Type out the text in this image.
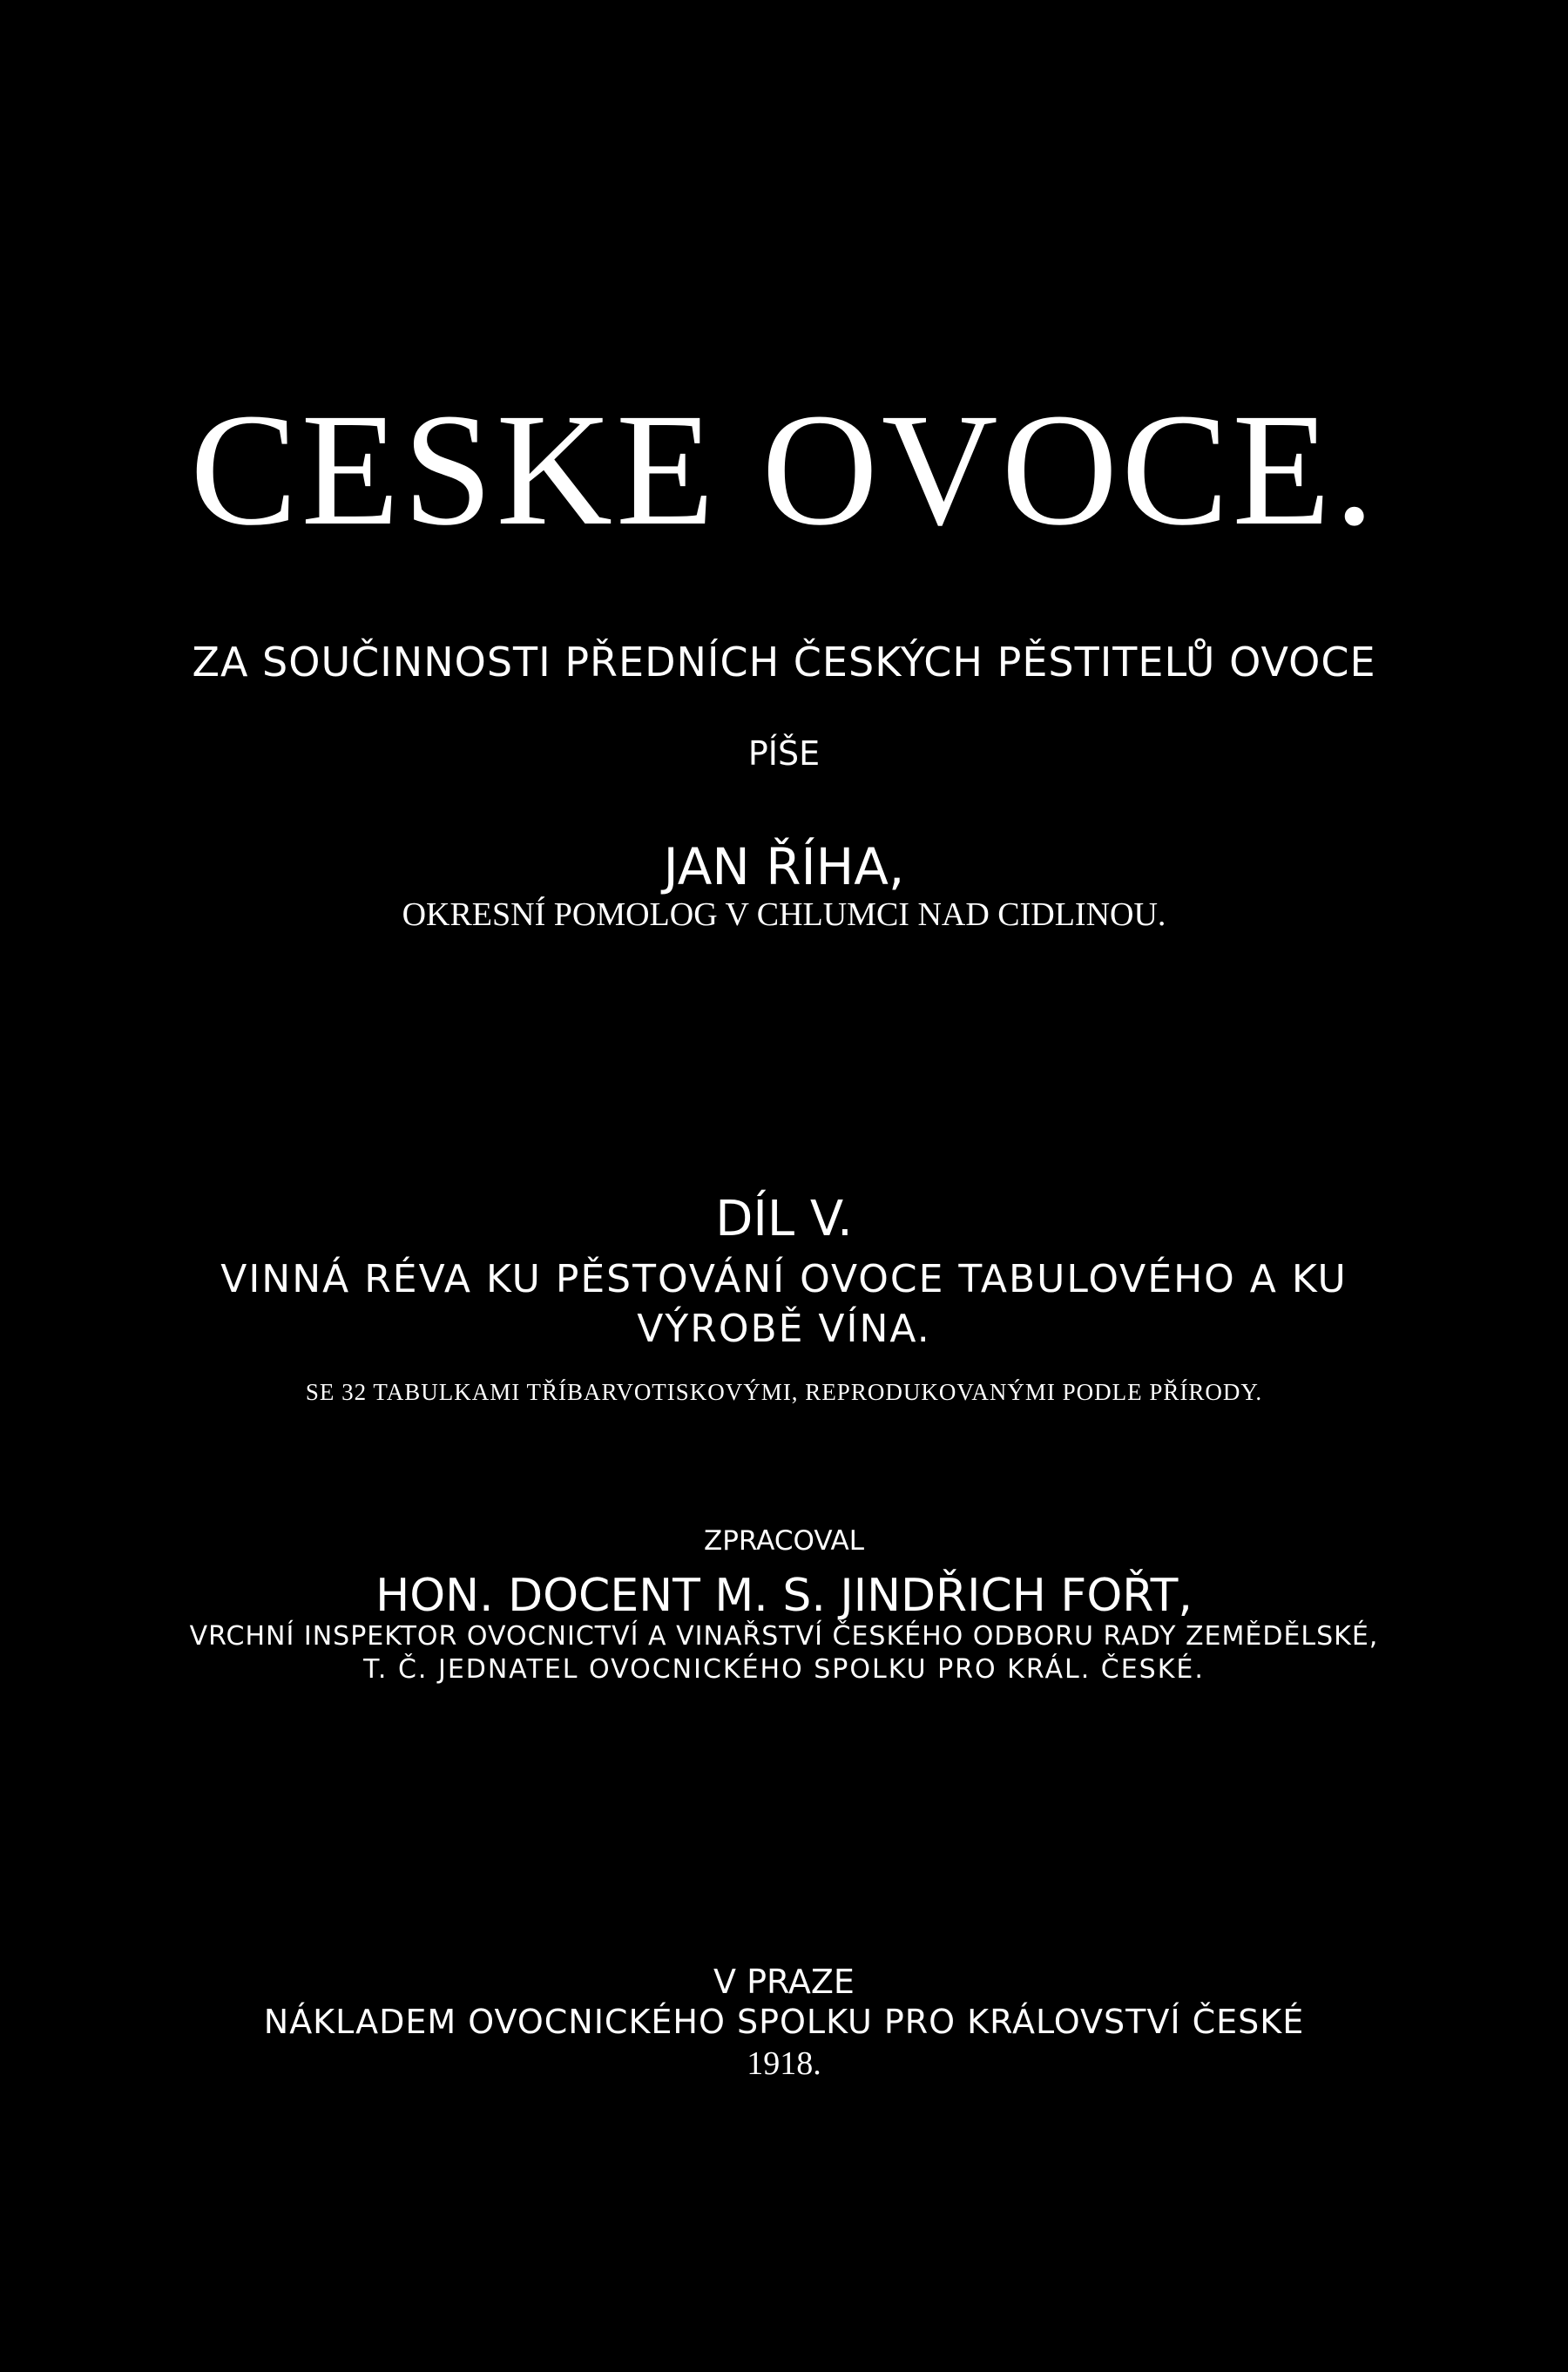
CESKE OVOCE.
ZA SOUČINNOSTI PŘEDNÍCH ČESKÝCH PĚSTITELŮ OVOCE
PÍŠE
JAN ŘÍHA,
OKRESNÍ POMOLOG V CHLUMCI NAD CIDLINOU.
DÍL V.
VINNÁ RÉVA KU PĚSTOVÁNÍ OVOCE TABULOVÉHO A KU
VÝROBĚ VÍNA.
SE 32 TABULKAMI TŘÍBARVOTISKOVÝMI, REPRODUKOVANÝMI PODLE PŘÍRODY.
ZPRACOVAL
HON. DOCENT M. S. JINDŘICH FOŘT,
VRCHNÍ INSPEKTOR OVOCNICTVÍ A VINAŘSTVÍ ČESKÉHO ODBORU RADY ZEMĚDĚLSKÉ,
T. Č. JEDNATEL OVOCNICKÉHO SPOLKU PRO KRÁL. ČESKÉ.
V PRAZE
NÁKLADEM OVOCNICKÉHO SPOLKU PRO KRÁLOVSTVÍ ČESKÉ
1918.
